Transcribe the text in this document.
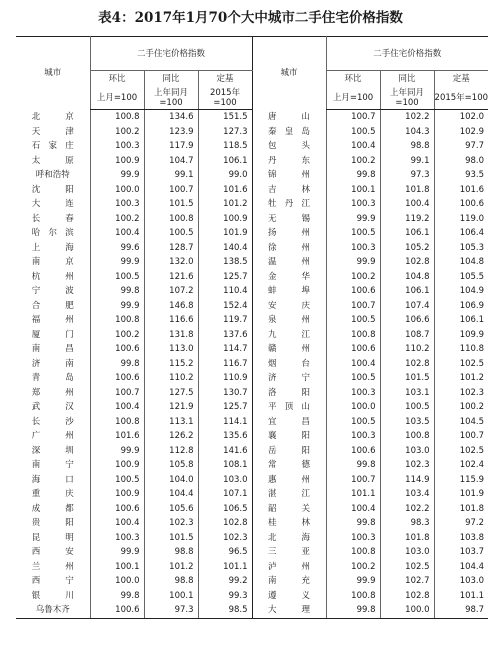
表4：2017年1月70个大中城市二手住宅价格指数
城市	二手住宅价格指数			城市	二手住宅价格指数		
	环比	同比	定基		环比	同比	定基
	上月=100	上年同月=100	2015年=100		上月=100	上年同月=100	2015年=100
北　京	100.8	134.6	151.5	唐　山	100.7	102.2	102.0
天　津	100.2	123.9	127.3	秦皇岛	100.5	104.3	102.9
石家庄	100.3	117.9	118.5	包　头	100.4	98.8	97.7
太　原	100.9	104.7	106.1	丹　东	100.2	99.1	98.0
呼和浩特	99.9	99.1	99.0	锦　州	99.8	97.3	93.5
沈　阳	100.0	100.7	101.6	吉　林	100.1	101.8	101.6
大　连	100.3	101.5	101.2	牡丹江	100.3	100.4	100.6
长　春	100.2	100.8	100.9	无　锡	99.9	119.2	119.0
哈尔滨	100.4	100.5	101.9	扬　州	100.5	106.1	106.4
上　海	99.6	128.7	140.4	徐　州	100.3	105.2	105.3
南　京	99.9	132.0	138.5	温　州	99.9	102.8	104.8
杭　州	100.5	121.6	125.7	金　华	100.2	104.8	105.5
宁　波	99.8	107.2	110.4	蚌　埠	100.6	106.1	104.9
合　肥	99.9	146.8	152.4	安　庆	100.7	107.4	106.9
福　州	100.8	116.6	119.7	泉　州	100.5	106.6	106.1
厦　门	100.2	131.8	137.6	九　江	100.8	108.7	109.9
南　昌	100.6	113.0	114.7	赣　州	100.6	110.2	110.8
济　南	99.8	115.2	116.7	烟　台	100.4	102.8	102.5
青　岛	100.6	110.2	110.9	济　宁	100.5	101.5	101.2
郑　州	100.7	127.5	130.7	洛　阳	100.3	103.1	102.3
武　汉	100.4	121.9	125.7	平顶山	100.0	100.5	100.2
长　沙	100.8	113.1	114.1	宜　昌	100.5	103.5	104.5
广　州	101.6	126.2	135.6	襄　阳	100.3	100.8	100.7
深　圳	99.9	112.8	141.6	岳　阳	100.6	103.0	102.5
南　宁	100.9	105.8	108.1	常　德	99.8	102.3	102.4
海　口	100.5	104.0	103.0	惠　州	100.7	114.9	115.9
重　庆	100.9	104.4	107.1	湛　江	101.1	103.4	101.9
成　都	100.6	105.6	106.5	韶　关	100.4	102.2	101.8
贵　阳	100.4	102.3	102.8	桂　林	99.8	98.3	97.2
昆　明	100.3	101.5	102.3	北　海	100.3	101.8	103.8
西　安	99.9	98.8	96.5	三　亚	100.8	103.0	103.7
兰　州	100.1	101.2	101.1	泸　州	100.2	102.5	104.4
西　宁	100.0	98.8	99.2	南　充	99.9	102.7	103.0
银　川	99.8	100.1	99.3	遵　义	100.8	102.8	101.1
乌鲁木齐	100.6	97.3	98.5	大　理	99.8	100.0	98.7
